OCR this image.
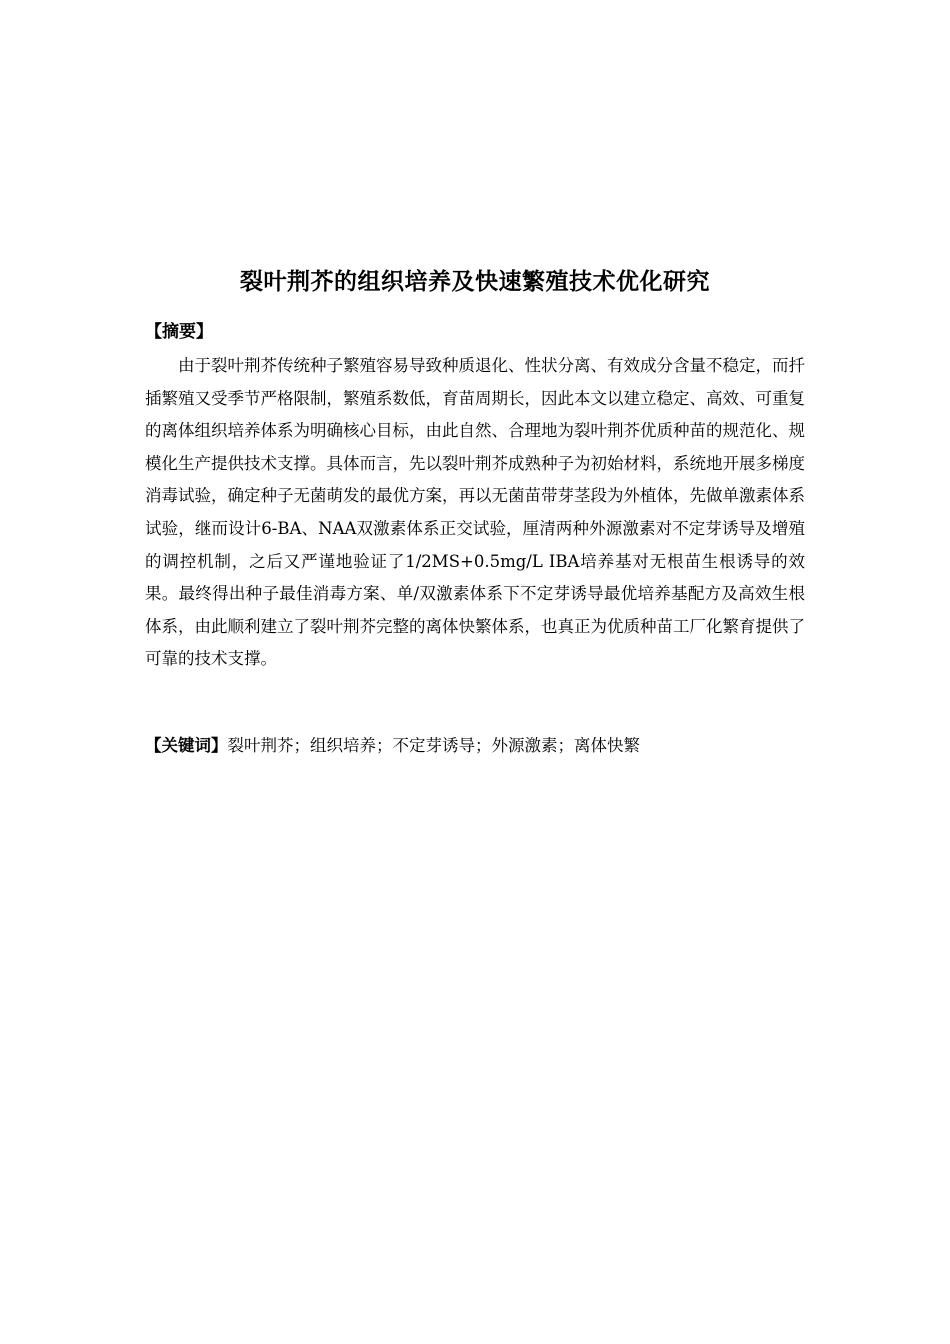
裂叶荆芥的组织培养及快速繁殖技术优化研究
【摘要】

由于裂叶荆芥传统种子繁殖容易导致种质退化、性状分离、有效成分含量不稳定，而扦插繁殖又受季节严格限制，繁殖系数低，育苗周期长，因此本文以建立稳定、高效、可重复的离体组织培养体系为明确核心目标，由此自然、合理地为裂叶荆芥优质种苗的规范化、规模化生产提供技术支撑。具体而言，先以裂叶荆芥成熟种子为初始材料，系统地开展多梯度消毒试验，确定种子无菌萌发的最优方案，再以无菌苗带芽茎段为外植体，先做单激素体系试验，继而设计6-BA、NAA双激素体系正交试验，厘清两种外源激素对不定芽诱导及增殖的调控机制，之后又严谨地验证了1/2MS+0.5mg/L IBA培养基对无根苗生根诱导的效果。最终得出种子最佳消毒方案、单/双激素体系下不定芽诱导最优培养基配方及高效生根体系，由此顺利建立了裂叶荆芥完整的离体快繁体系，也真正为优质种苗工厂化繁育提供了可靠的技术支撑。

【关键词】裂叶荆芥；组织培养；不定芽诱导；外源激素；离体快繁
